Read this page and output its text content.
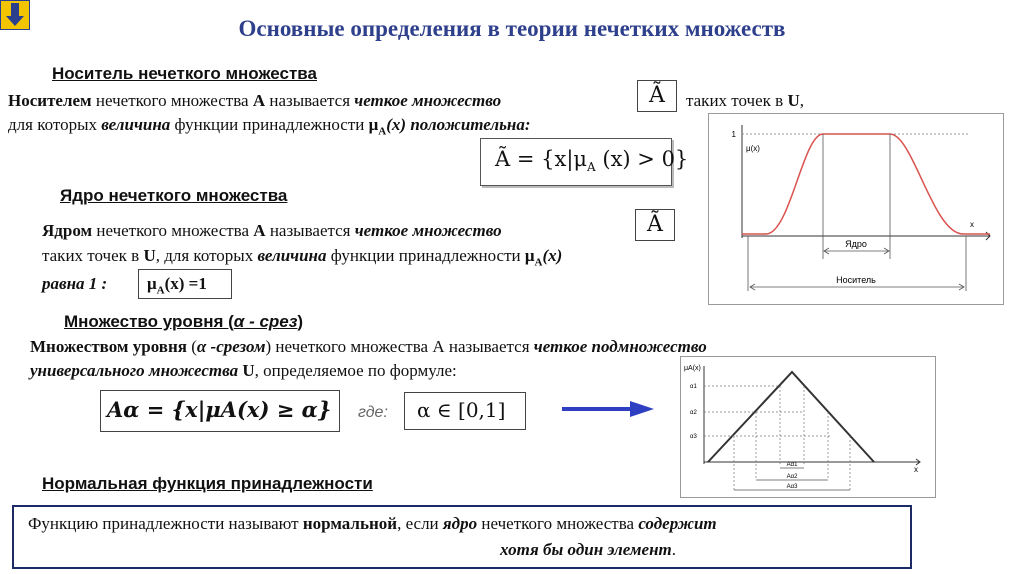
Основные определения в теории нечетких множеств
Носитель нечеткого множества
Носителем нечеткого множества А называется четкое множество	Ã	таких точек в U,
для которых величина функции принадлежности $\mu_A(x)$ положительна:
Ã = {$x|\mu_A$ (x) > 0}
Ядро нечеткого множества
Ядром нечеткого множества А называется четкое множество	Ã
таких точек в U, для которых величина функции принадлежности $\mu_A(x)$
равна 1 :	$\mu_A(x) =1$
1
μ(x)
x
Ядро
Носитель
Множество уровня (α - срез)
Множеством уровня (α -срезом) нечеткого множества А называется четкое подмножество
универсального множества U, определяемое по формуле:
Aα = {x|μA(x) ≥ α}	где:	α ∈ [0,1]
μA(x)
x
α1
α2
α3
Aα1
Aα2
Aα3
Нормальная функция принадлежности
Функцию принадлежности называют нормальной, если ядро нечеткого множества содержит
хотя бы один элемент.
